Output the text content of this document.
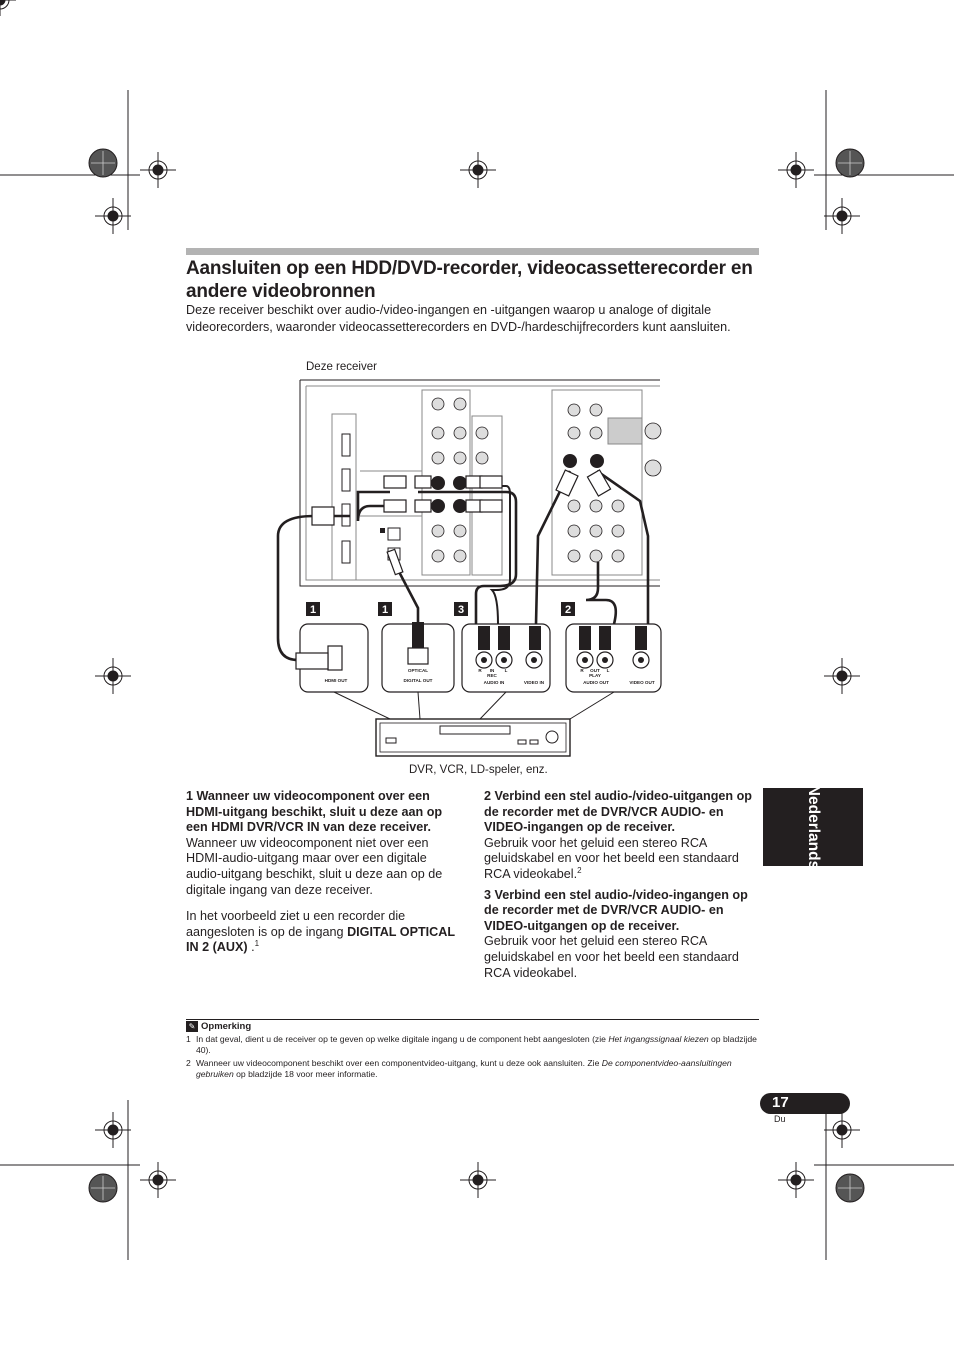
Aansluiten op een HDD/DVD-recorder, videocassetterecorder en andere videobronnen
Deze receiver beschikt over audio-/video-ingangen en -uitgangen waarop u analoge of digitale videorecorders, waaronder videocassetterecorders en DVD-/hardeschijfrecorders kunt aansluiten.
Deze receiver
1	1	3	2
HDMI OUT
OPTICAL
DIGITAL OUT
R IN L
REC
AUDIO IN	VIDEO IN
R OUT L
PLAY
AUDIO OUT	VIDEO OUT
DVR, VCR, LD-speler, enz.

1 Wanneer uw videocomponent over een HDMI-uitgang beschikt, sluit u deze aan op een HDMI DVR/VCR IN van deze receiver.

Wanneer uw videocomponent niet over een HDMI-audio-uitgang maar over een digitale audio-uitgang beschikt, sluit u deze aan op de digitale ingang van deze receiver.

In het voorbeeld ziet u een recorder die aangesloten is op de ingang DIGITAL OPTICAL IN 2 (AUX) .$^1$

2 Verbind een stel audio-/video-uitgangen op de recorder met de DVR/VCR AUDIO- en VIDEO-ingangen op de receiver.

Gebruik voor het geluid een stereo RCA geluidskabel en voor het beeld een standaard RCA videokabel.$^2$

3 Verbind een stel audio-/video-ingangen op de recorder met de DVR/VCR AUDIO- en VIDEO-uitgangen op de receiver.

Gebruik voor het geluid een stereo RCA geluidskabel en voor het beeld een standaard RCA videokabel.

Nederlands
✎ Opmerking
1 In dat geval, dient u de receiver op te geven op welke digitale ingang u de component hebt aangesloten (zie Het ingangssignaal kiezen op bladzijde 40).
2 Wanneer uw videocomponent beschikt over een componentvideo-uitgang, kunt u deze ook aansluiten. Zie De componentvideo-aansluitingen gebruiken op bladzijde 18 voor meer informatie.
17
Du
